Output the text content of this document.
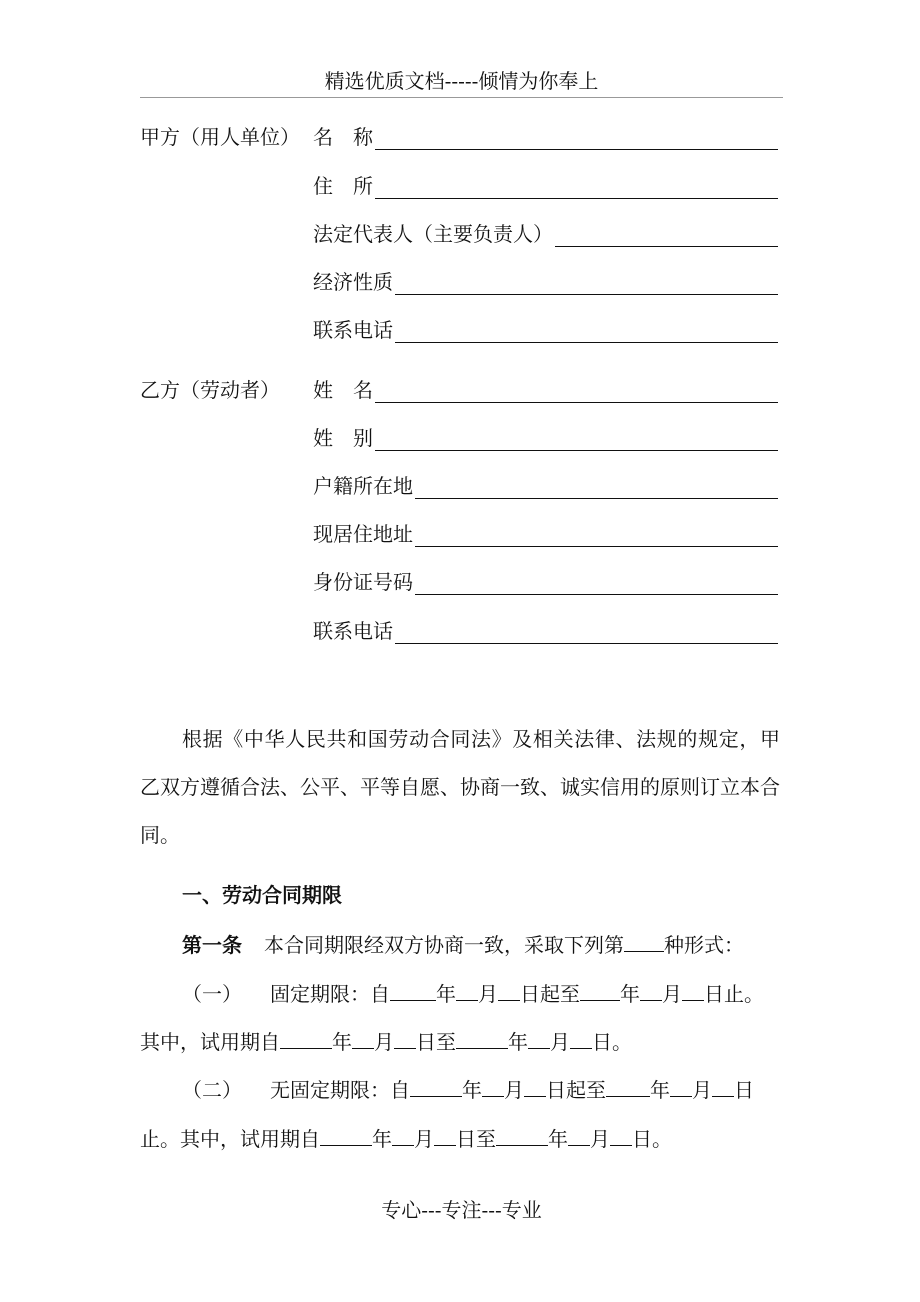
精选优质文档-----倾情为你奉上
甲方（用人单位） 名　称
住　所
法定代表人（主要负责人）
经济性质
联系电话
乙方（劳动者） 姓　名
姓　别
户籍所在地
现居住地址
身份证号码
联系电话
根据《中华人民共和国劳动合同法》及相关法律、法规的规定，甲乙双方遵循合法、公平、平等自愿、协商一致、诚实信用的原则订立本合同。
一、劳动合同期限
第一条 本合同期限经双方协商一致，采取下列第 种形式：
（一） 固定期限：自 年 月 日起至 年 月 日止。
其中，试用期自	年 月 日至	年 月 日。
（二） 无固定期限：自	年 月 日起至 年 月 日
止。其中，试用期自	年 月 日至	年 月 日。
专心---专注---专业
